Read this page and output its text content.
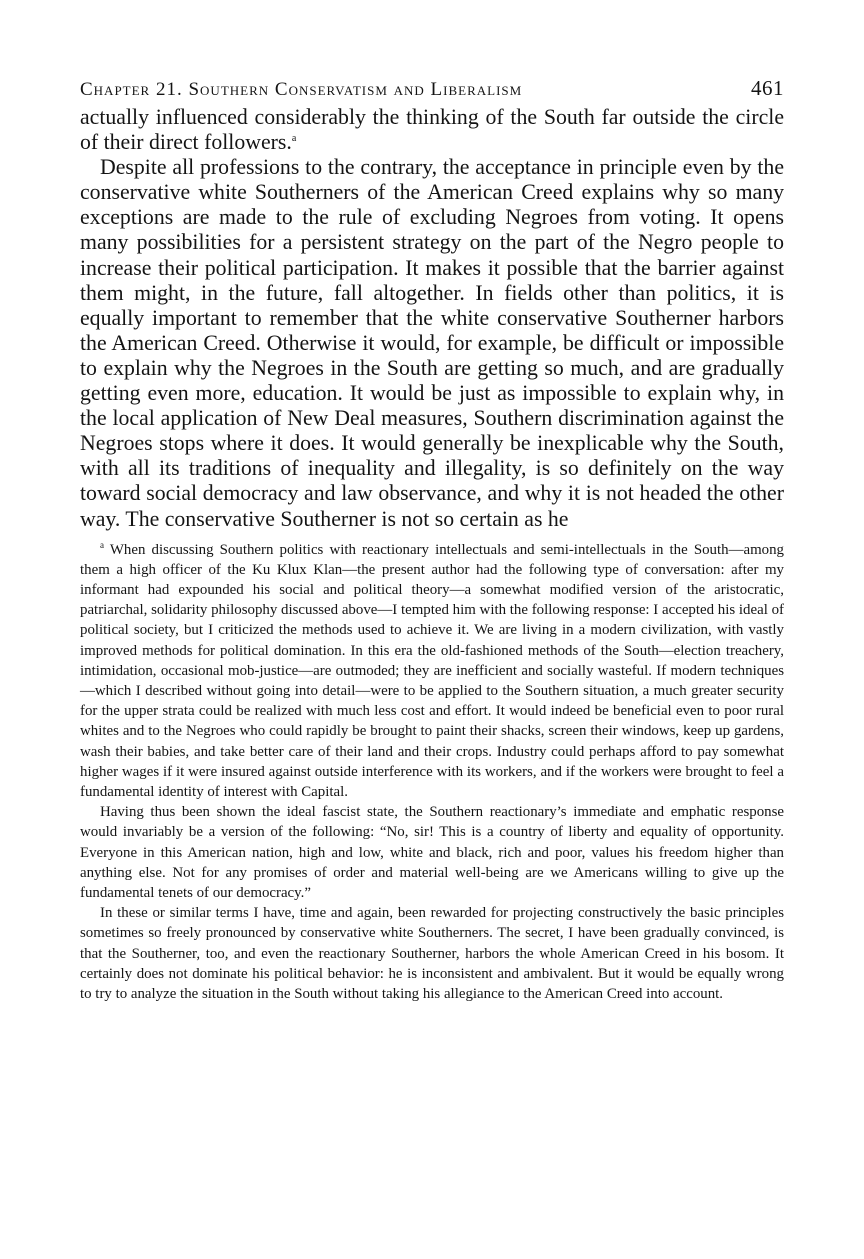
Chapter 21. Southern Conservatism and Liberalism	461

actually influenced considerably the thinking of the South far outside the circle of their direct followers.$^a$

Despite all professions to the contrary, the acceptance in principle even by the conservative white Southerners of the American Creed explains why so many exceptions are made to the rule of excluding Negroes from voting. It opens many possibilities for a persistent strategy on the part of the Negro people to increase their political participation. It makes it possible that the barrier against them might, in the future, fall altogether. In fields other than politics, it is equally important to remember that the white conservative Southerner harbors the American Creed. Otherwise it would, for example, be difficult or impossible to explain why the Negroes in the South are getting so much, and are gradually getting even more, education. It would be just as impossible to explain why, in the local application of New Deal measures, Southern discrimination against the Negroes stops where it does. It would generally be inexplicable why the South, with all its traditions of inequality and illegality, is so definitely on the way toward social democracy and law observance, and why it is not headed the other way. The conservative Southerner is not so certain as he

$^a$ When discussing Southern politics with reactionary intellectuals and semi-intellectuals in the South—among them a high officer of the Ku Klux Klan—the present author had the following type of conversation: after my informant had expounded his social and political theory—a somewhat modified version of the aristocratic, patriarchal, solidarity philosophy discussed above—I tempted him with the following response: I accepted his ideal of political society, but I criticized the methods used to achieve it. We are living in a modern civilization, with vastly improved methods for political domination. In this era the old-fashioned methods of the South—election treachery, intimidation, occasional mob-justice—are outmoded; they are inefficient and socially wasteful. If modern techniques—which I described without going into detail—were to be applied to the Southern situation, a much greater security for the upper strata could be realized with much less cost and effort. It would indeed be beneficial even to poor rural whites and to the Negroes who could rapidly be brought to paint their shacks, screen their windows, keep up gardens, wash their babies, and take better care of their land and their crops. Industry could perhaps afford to pay somewhat higher wages if it were insured against outside interference with its workers, and if the workers were brought to feel a fundamental identity of interest with Capital.

Having thus been shown the ideal fascist state, the Southern reactionary’s immediate and emphatic response would invariably be a version of the following: “No, sir! This is a country of liberty and equality of opportunity. Everyone in this American nation, high and low, white and black, rich and poor, values his freedom higher than anything else. Not for any promises of order and material well-being are we Americans willing to give up the fundamental tenets of our democracy.”

In these or similar terms I have, time and again, been rewarded for projecting constructively the basic principles sometimes so freely pronounced by conservative white Southerners. The secret, I have been gradually convinced, is that the Southerner, too, and even the reactionary Southerner, harbors the whole American Creed in his bosom. It certainly does not dominate his political behavior: he is inconsistent and ambivalent. But it would be equally wrong to try to analyze the situation in the South without taking his allegiance to the American Creed into account.
